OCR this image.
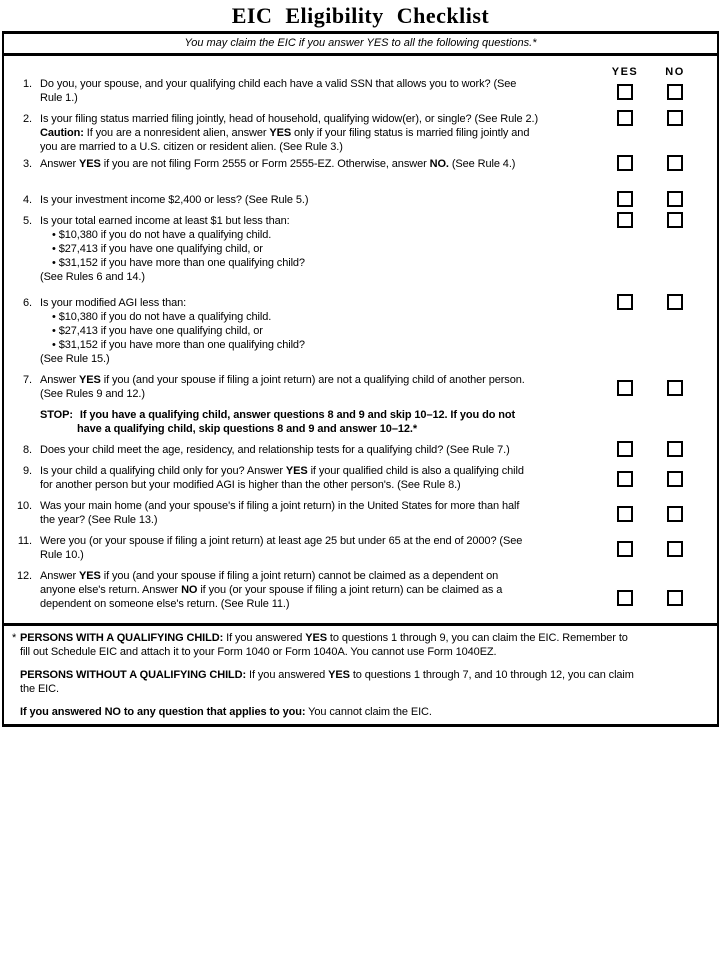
EIC Eligibility Checklist
You may claim the EIC if you answer YES to all the following questions.*
YES	NO
1. Do you, your spouse, and your qualifying child each have a valid SSN that allows you to work? (See
Rule 1.)
2. Is your filing status married filing jointly, head of household, qualifying widow(er), or single? (See Rule 2.)
Caution: If you are a nonresident alien, answer YES only if your filing status is married filing jointly and
you are married to a U.S. citizen or resident alien. (See Rule 3.)
3. Answer YES if you are not filing Form 2555 or Form 2555-EZ. Otherwise, answer NO. (See Rule 4.)
4. Is your investment income $2,400 or less? (See Rule 5.)
5. Is your total earned income at least $1 but less than:
• $10,380 if you do not have a qualifying child.
• $27,413 if you have one qualifying child, or
• $31,152 if you have more than one qualifying child?
(See Rules 6 and 14.)
6. Is your modified AGI less than:
• $10,380 if you do not have a qualifying child.
• $27,413 if you have one qualifying child, or
• $31,152 if you have more than one qualifying child?
(See Rule 15.)
7. Answer YES if you (and your spouse if filing a joint return) are not a qualifying child of another person.
(See Rules 9 and 12.)
STOP: If you have a qualifying child, answer questions 8 and 9 and skip 10–12. If you do not
have a qualifying child, skip questions 8 and 9 and answer 10–12.*
8. Does your child meet the age, residency, and relationship tests for a qualifying child? (See Rule 7.)
9. Is your child a qualifying child only for you? Answer YES if your qualified child is also a qualifying child
for another person but your modified AGI is higher than the other person's. (See Rule 8.)
10. Was your main home (and your spouse's if filing a joint return) in the United States for more than half
the year? (See Rule 13.)
11. Were you (or your spouse if filing a joint return) at least age 25 but under 65 at the end of 2000? (See
Rule 10.)
12. Answer YES if you (and your spouse if filing a joint return) cannot be claimed as a dependent on
anyone else's return. Answer NO if you (or your spouse if filing a joint return) can be claimed as a
dependent on someone else's return. (See Rule 11.)
* PERSONS WITH A QUALIFYING CHILD: If you answered YES to questions 1 through 9, you can claim the EIC. Remember to
fill out Schedule EIC and attach it to your Form 1040 or Form 1040A. You cannot use Form 1040EZ.
PERSONS WITHOUT A QUALIFYING CHILD: If you answered YES to questions 1 through 7, and 10 through 12, you can claim
the EIC.
If you answered NO to any question that applies to you: You cannot claim the EIC.
